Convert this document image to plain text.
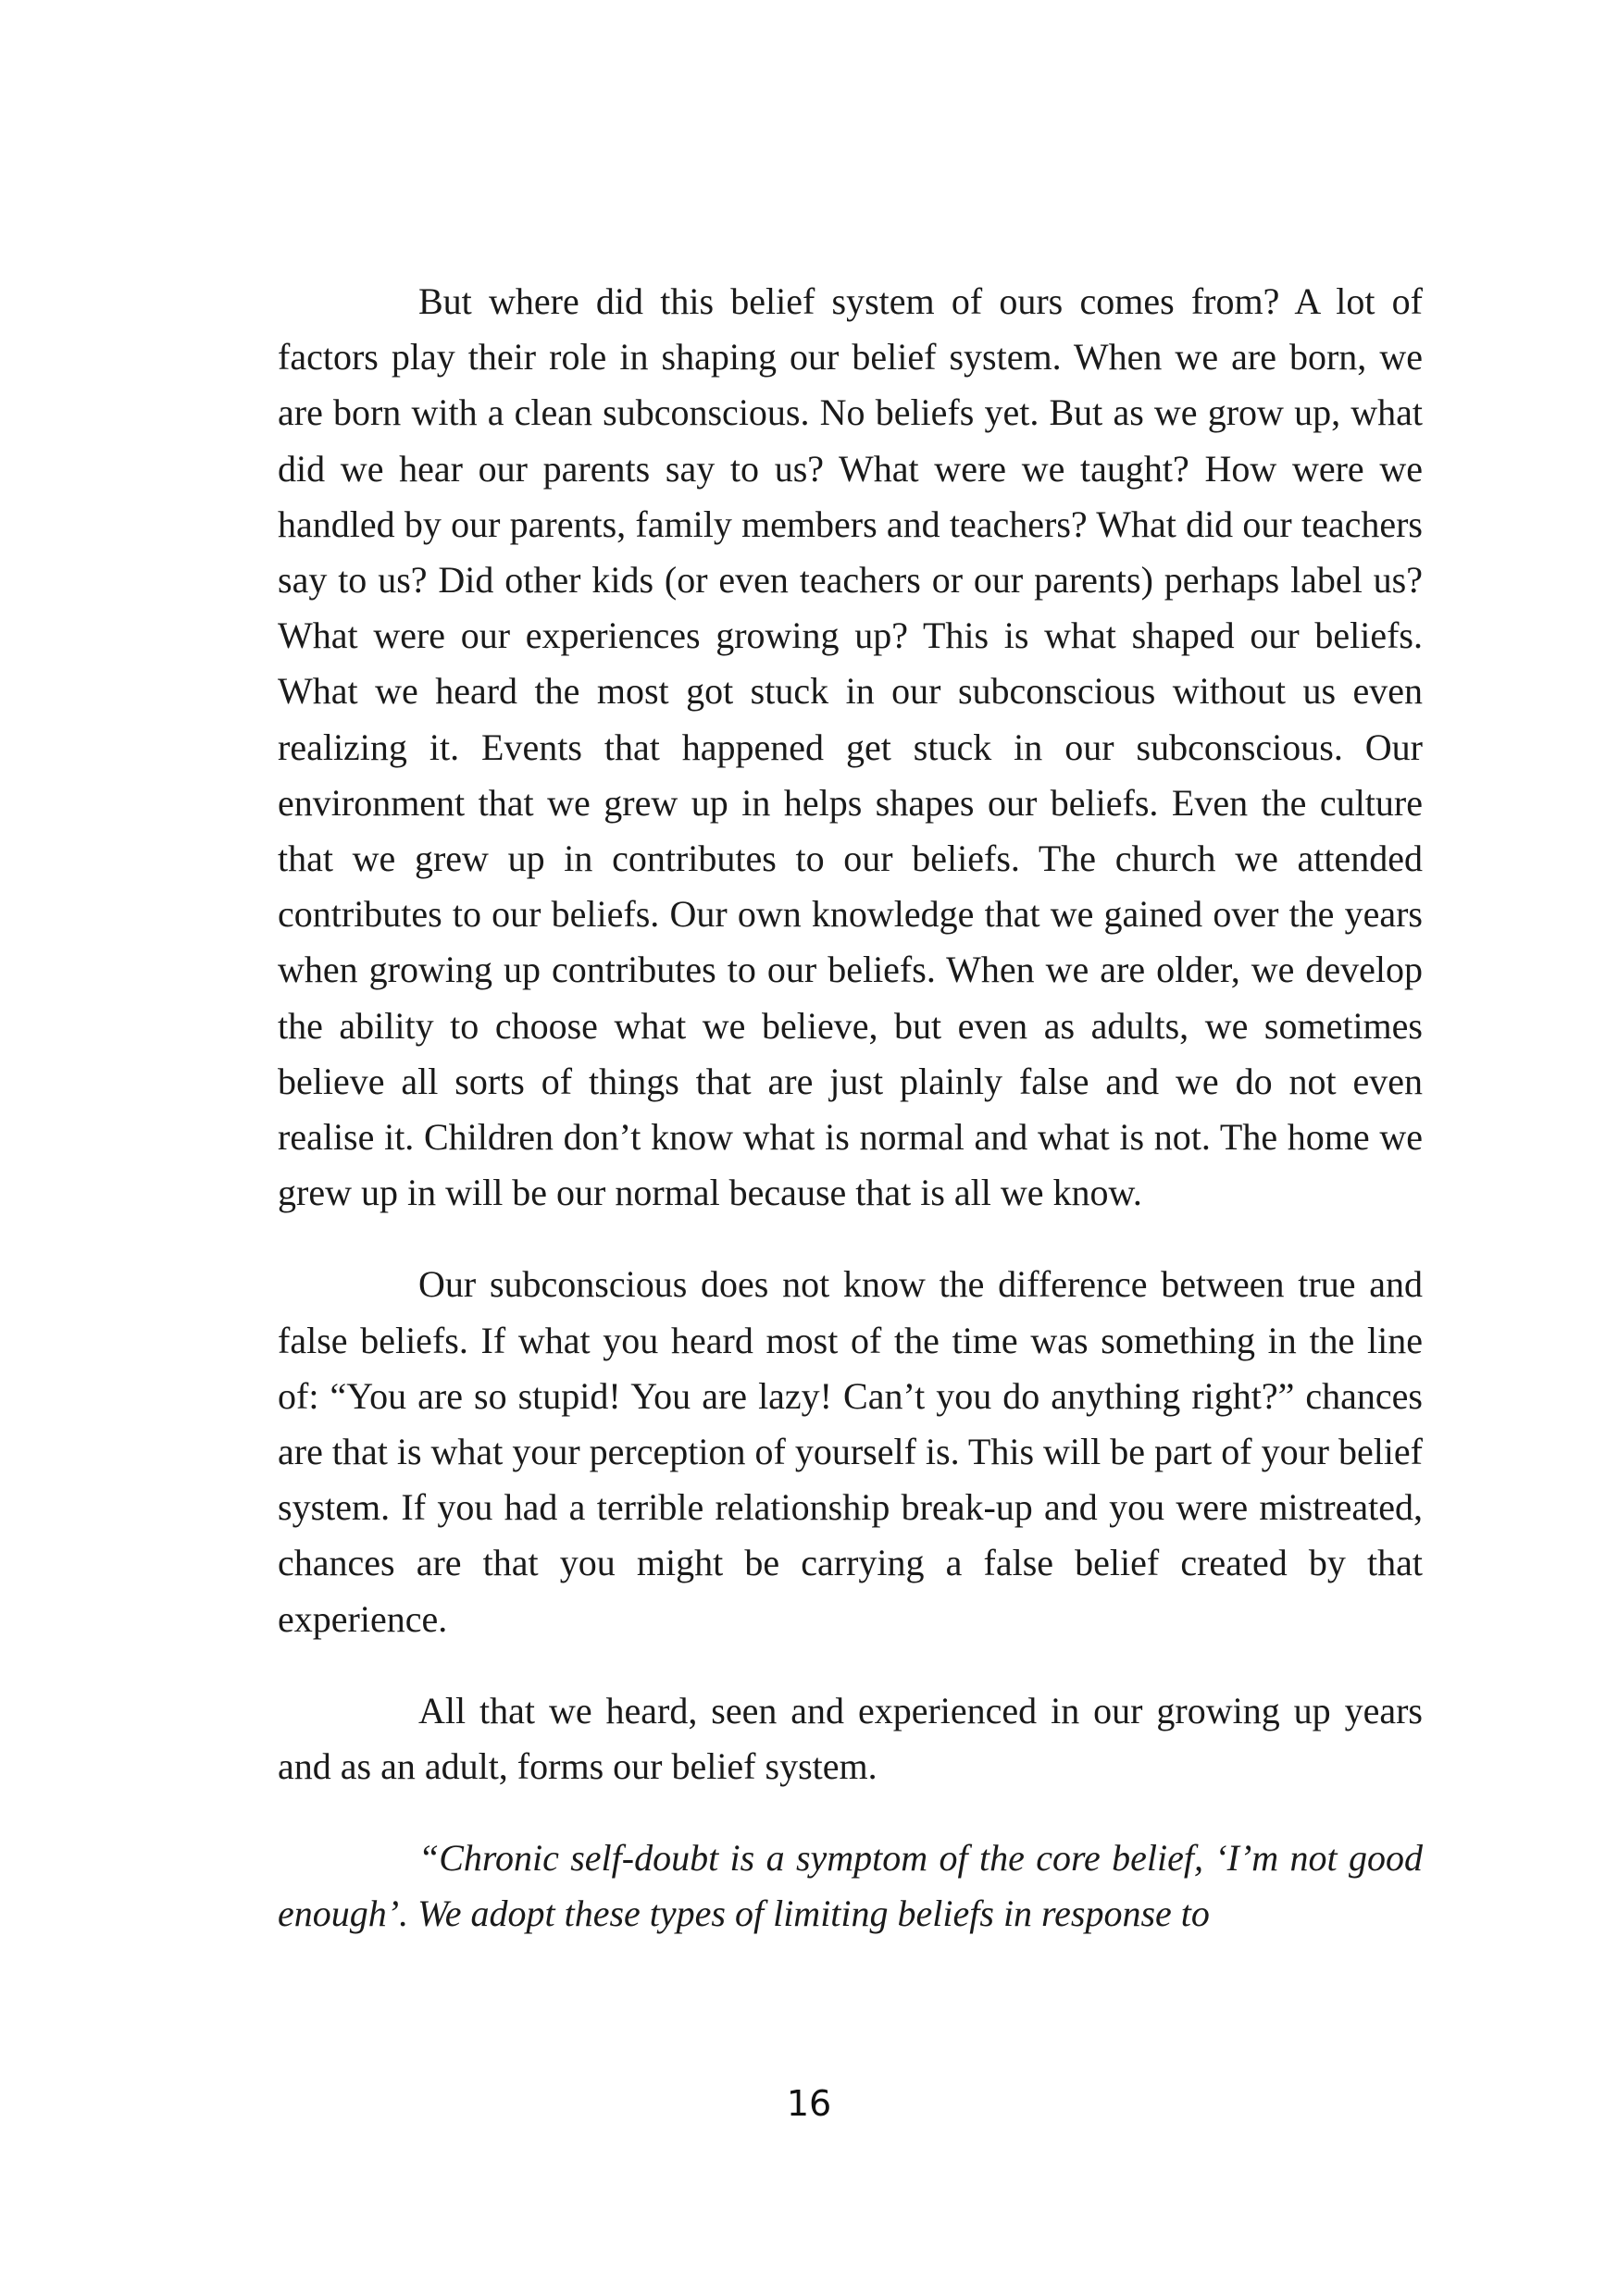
But where did this belief system of ours comes from? A lot of factors play their role in shaping our belief system. When we are born, we are born with a clean subconscious. No beliefs yet. But as we grow up, what did we hear our parents say to us? What were we taught? How were we handled by our parents, family members and teachers? What did our teachers say to us? Did other kids (or even teachers or our parents) perhaps label us? What were our experiences growing up? This is what shaped our beliefs. What we heard the most got stuck in our subconscious without us even realizing it. Events that happened get stuck in our subconscious. Our environment that we grew up in helps shapes our beliefs. Even the culture that we grew up in contributes to our beliefs. The church we attended contributes to our beliefs. Our own knowledge that we gained over the years when growing up contributes to our beliefs. When we are older, we develop the ability to choose what we believe, but even as adults, we sometimes believe all sorts of things that are just plainly false and we do not even realise it. Children don’t know what is normal and what is not. The home we grew up in will be our normal because that is all we know.

Our subconscious does not know the difference between true and false beliefs. If what you heard most of the time was something in the line of: “You are so stupid! You are lazy! Can’t you do anything right?” chances are that is what your perception of yourself is. This will be part of your belief system. If you had a terrible relationship break-up and you were mistreated, chances are that you might be carrying a false belief created by that experience.

All that we heard, seen and experienced in our growing up years and as an adult, forms our belief system.

“Chronic self-doubt is a symptom of the core belief, ‘I’m not good enough’. We adopt these types of limiting beliefs in response to

16
